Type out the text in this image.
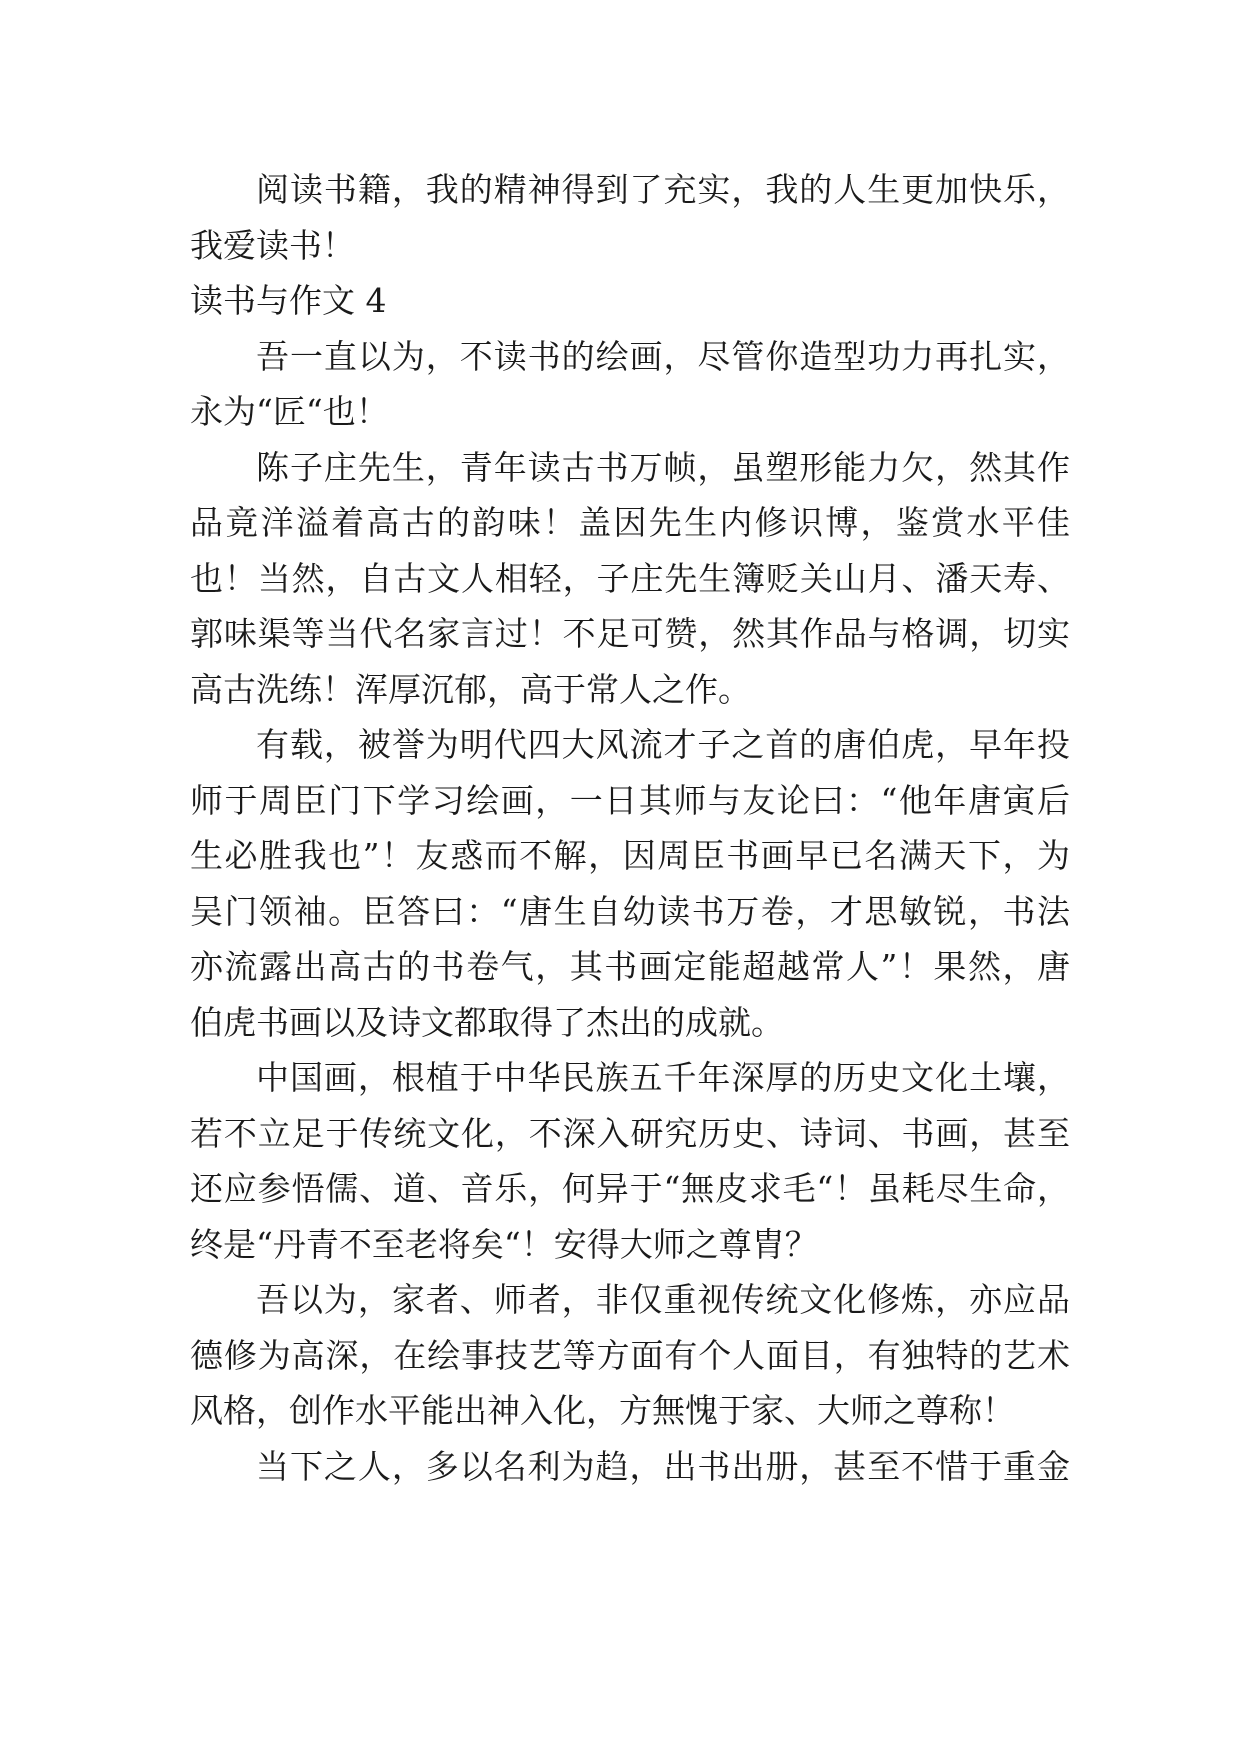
阅读书籍，我的精神得到了充实，我的人生更加快乐，
我爱读书！
读书与作文 4
吾一直以为，不读书的绘画，尽管你造型功力再扎实，
永为“匠“也！
陈子庄先生，青年读古书万帧，虽塑形能力欠，然其作
品竟洋溢着高古的韵味！盖因先生内修识博，鉴赏水平佳
也！当然，自古文人相轻，子庄先生簿贬关山月、潘天寿、
郭味渠等当代名家言过！不足可赞，然其作品与格调，切实
高古洗练！浑厚沉郁，高于常人之作。
有载，被誉为明代四大风流才子之首的唐伯虎，早年投
师于周臣门下学习绘画，一日其师与友论曰：“他年唐寅后
生必胜我也”！友惑而不解，因周臣书画早已名满天下，为
吴门领袖。臣答曰：“唐生自幼读书万卷，才思敏锐，书法
亦流露出高古的书卷气，其书画定能超越常人”！果然，唐
伯虎书画以及诗文都取得了杰出的成就。
中国画，根植于中华民族五千年深厚的历史文化土壤，
若不立足于传统文化，不深入研究历史、诗词、书画，甚至
还应参悟儒、道、音乐，何异于“無皮求毛“！虽耗尽生命，
终是“丹青不至老将矣“！安得大师之尊胄？
吾以为，家者、师者，非仅重视传统文化修炼，亦应品
德修为高深，在绘事技艺等方面有个人面目，有独特的艺术
风格，创作水平能出神入化，方無愧于家、大师之尊称！
当下之人，多以名利为趋，出书出册，甚至不惜于重金
